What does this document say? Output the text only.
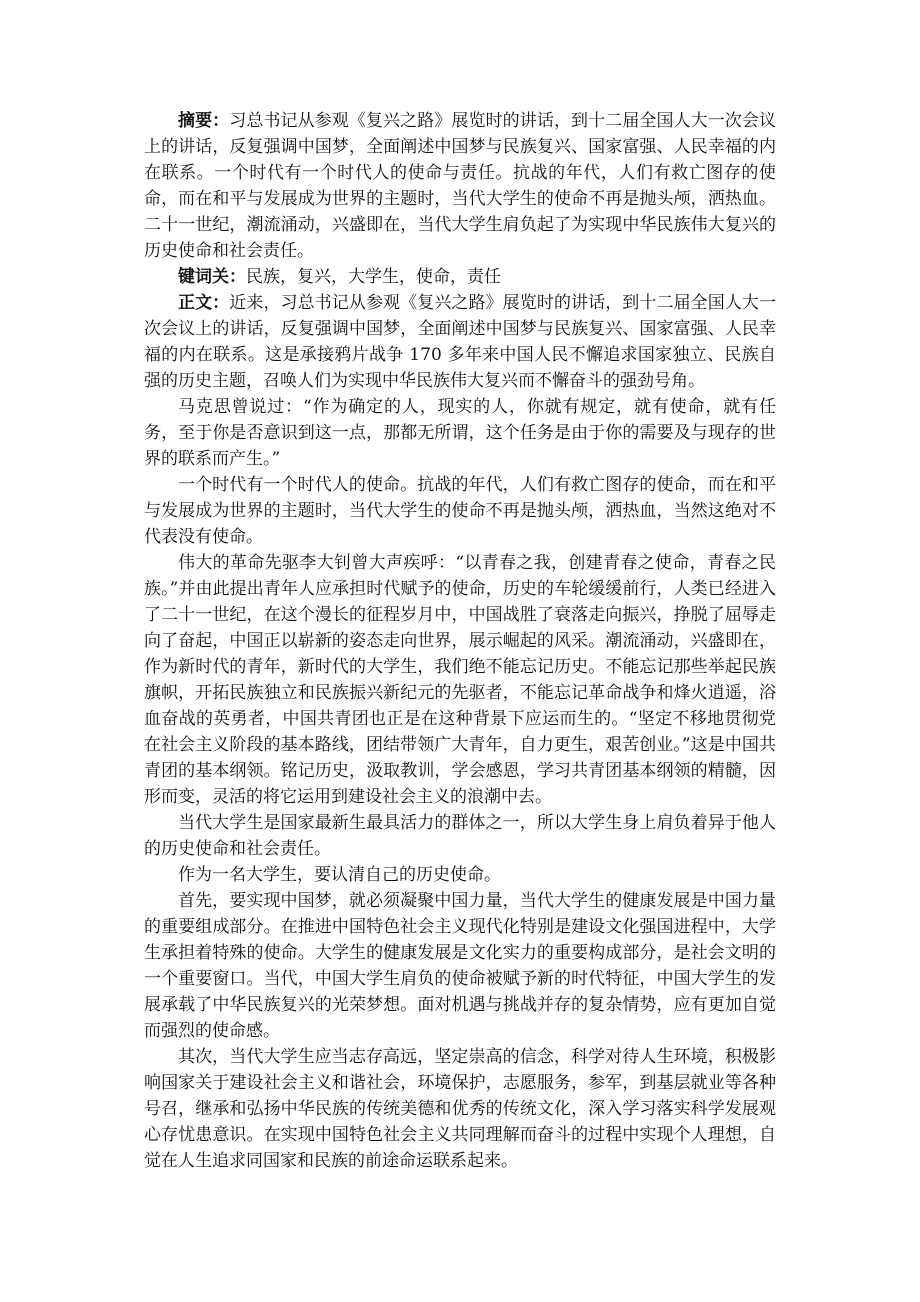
摘要：习总书记从参观《复兴之路》展览时的讲话，到十二届全国人大一次会议上的讲话，反复强调中国梦，全面阐述中国梦与民族复兴、国家富强、人民幸福的内在联系。一个时代有一个时代人的使命与责任。抗战的年代，人们有救亡图存的使命，而在和平与发展成为世界的主题时，当代大学生的使命不再是抛头颅，洒热血。二十一世纪，潮流涌动，兴盛即在，当代大学生肩负起了为实现中华民族伟大复兴的历史使命和社会责任。

键词关：民族，复兴，大学生，使命，责任

正文：近来，习总书记从参观《复兴之路》展览时的讲话，到十二届全国人大一次会议上的讲话，反复强调中国梦，全面阐述中国梦与民族复兴、国家富强、人民幸福的内在联系。这是承接鸦片战争 170 多年来中国人民不懈追求国家独立、民族自强的历史主题，召唤人们为实现中华民族伟大复兴而不懈奋斗的强劲号角。

马克思曾说过：“作为确定的人，现实的人，你就有规定，就有使命，就有任务，至于你是否意识到这一点，那都无所谓，这个任务是由于你的需要及与现存的世界的联系而产生。”

一个时代有一个时代人的使命。抗战的年代，人们有救亡图存的使命，而在和平与发展成为世界的主题时，当代大学生的使命不再是抛头颅，洒热血，当然这绝对不代表没有使命。

伟大的革命先驱李大钊曾大声疾呼：“以青春之我，创建青春之使命，青春之民族。”并由此提出青年人应承担时代赋予的使命，历史的车轮缓缓前行，人类已经进入了二十一世纪，在这个漫长的征程岁月中，中国战胜了衰落走向振兴，挣脱了屈辱走向了奋起，中国正以崭新的姿态走向世界，展示崛起的风采。潮流涌动，兴盛即在，作为新时代的青年，新时代的大学生，我们绝不能忘记历史。不能忘记那些举起民族旗帜，开拓民族独立和民族振兴新纪元的先驱者，不能忘记革命战争和烽火逍遥，浴血奋战的英勇者，中国共青团也正是在这种背景下应运而生的。“坚定不移地贯彻党在社会主义阶段的基本路线，团结带领广大青年，自力更生，艰苦创业。”这是中国共青团的基本纲领。铭记历史，汲取教训，学会感恩，学习共青团基本纲领的精髓，因形而变，灵活的将它运用到建设社会主义的浪潮中去。

当代大学生是国家最新生最具活力的群体之一，所以大学生身上肩负着异于他人的历史使命和社会责任。

作为一名大学生，要认清自己的历史使命。

首先，要实现中国梦，就必须凝聚中国力量，当代大学生的健康发展是中国力量的重要组成部分。在推进中国特色社会主义现代化特别是建设文化强国进程中，大学生承担着特殊的使命。大学生的健康发展是文化实力的重要构成部分，是社会文明的一个重要窗口。当代，中国大学生肩负的使命被赋予新的时代特征，中国大学生的发展承载了中华民族复兴的光荣梦想。面对机遇与挑战并存的复杂情势，应有更加自觉而强烈的使命感。

其次，当代大学生应当志存高远，坚定崇高的信念，科学对待人生环境，积极影响国家关于建设社会主义和谐社会，环境保护，志愿服务，参军，到基层就业等各种号召，继承和弘扬中华民族的传统美德和优秀的传统文化，深入学习落实科学发展观心存忧患意识。在实现中国特色社会主义共同理解而奋斗的过程中实现个人理想，自觉在人生追求同国家和民族的前途命运联系起来。
